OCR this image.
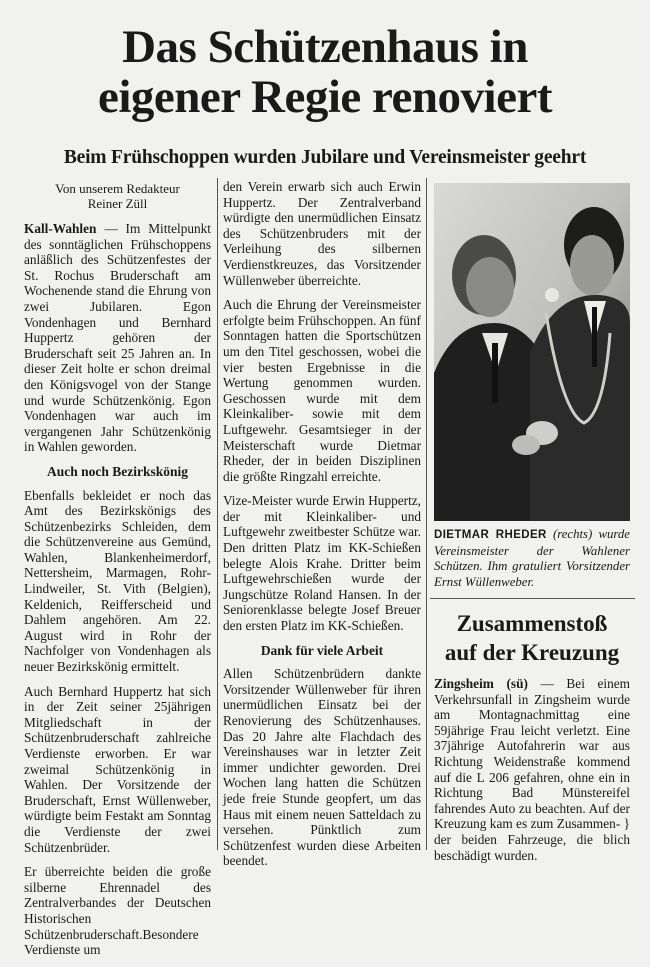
Das Schützenhaus in
eigener Regie renoviert
Beim Frühschoppen wurden Jubilare und Vereinsmeister geehrt
Von unserem Redakteur
Reiner Züll

Kall-Wahlen — Im Mittelpunkt des sonntäglichen Frühschoppens anläßlich des Schützenfestes der St. Rochus Bruderschaft am Wochenende stand die Ehrung von zwei Jubilaren. Egon Vondenhagen und Bernhard Huppertz gehören der Bruderschaft seit 25 Jahren an. In dieser Zeit holte er schon dreimal den Königsvogel von der Stange und wurde Schützenkönig. Egon Vondenhagen war auch im vergangenen Jahr Schützenkönig in Wahlen geworden.

Auch noch Bezirkskönig

Ebenfalls bekleidet er noch das Amt des Bezirkskönigs des Schützenbezirks Schleiden, dem die Schützenvereine aus Gemünd, Wahlen, Blankenheimerdorf, Nettersheim, Marmagen, Rohr-Lindweiler, St. Vith (Belgien), Keldenich, Reifferscheid und Dahlem angehören. Am 22. August wird in Rohr der Nachfolger von Vondenhagen als neuer Bezirkskönig ermittelt.

Auch Bernhard Huppertz hat sich in der Zeit seiner 25jährigen Mitgliedschaft in der Schützenbruderschaft zahlreiche Verdienste erworben. Er war zweimal Schützenkönig in Wahlen. Der Vorsitzende der Bruderschaft, Ernst Wüllenweber, würdigte beim Festakt am Sonntag die Verdienste der zwei Schützenbrüder.

Er überreichte beiden die große silberne Ehrennadel des Zentralverbandes der Deutschen Historischen Schützenbruderschaft.Besondere Verdienste um

den Verein erwarb sich auch Erwin Huppertz. Der Zentralverband würdigte den unermüdlichen Einsatz des Schützenbruders mit der Verleihung des silbernen Verdienstkreuzes, das Vorsitzender Wüllenweber überreichte.

Auch die Ehrung der Vereinsmeister erfolgte beim Frühschoppen. An fünf Sonntagen hatten die Sportschützen um den Titel geschossen, wobei die vier besten Ergebnisse in die Wertung genommen wurden. Geschossen wurde mit dem Kleinkaliber- sowie mit dem Luftgewehr. Gesamtsieger in der Meisterschaft wurde Dietmar Rheder, der in beiden Disziplinen die größte Ringzahl erreichte.

Vize-Meister wurde Erwin Huppertz, der mit Kleinkaliber- und Luftgewehr zweitbester Schütze war. Den dritten Platz im KK-Schießen belegte Alois Krahe. Dritter beim Luftgewehrschießen wurde der Jungschütze Roland Hansen. In der Seniorenklasse belegte Josef Breuer den ersten Platz im KK-Schießen.

Dank für viele Arbeit

Allen Schützenbrüdern dankte Vorsitzender Wüllenweber für ihren unermüdlichen Einsatz bei der Renovierung des Schützenhauses. Das 20 Jahre alte Flachdach des Vereinshauses war in letzter Zeit immer undichter geworden. Drei Wochen lang hatten die Schützen jede freie Stunde geopfert, um das Haus mit einem neuen Satteldach zu versehen. Pünktlich zum Schützenfest wurden diese Arbeiten beendet.

DIETMAR RHEDER (rechts) wurde Vereinsmeister der Wahlener Schützen. Ihm gratuliert Vorsitzender Ernst Wüllenweber.
Zusammenstoß
auf der Kreuzung

Zingsheim (sü) — Bei einem Verkehrsunfall in Zingsheim wurde am Montagnachmittag eine 59jährige Frau leicht verletzt. Eine 37jährige Autofahrerin war aus Richtung Weidenstraße kommend auf die L 206 gefahren, ohne ein in Richtung Bad Münstereifel fahrendes Auto zu beachten. Auf der Kreuzung kam es zum Zusammen- } der beiden Fahrzeuge, die blich beschädigt wurden.
